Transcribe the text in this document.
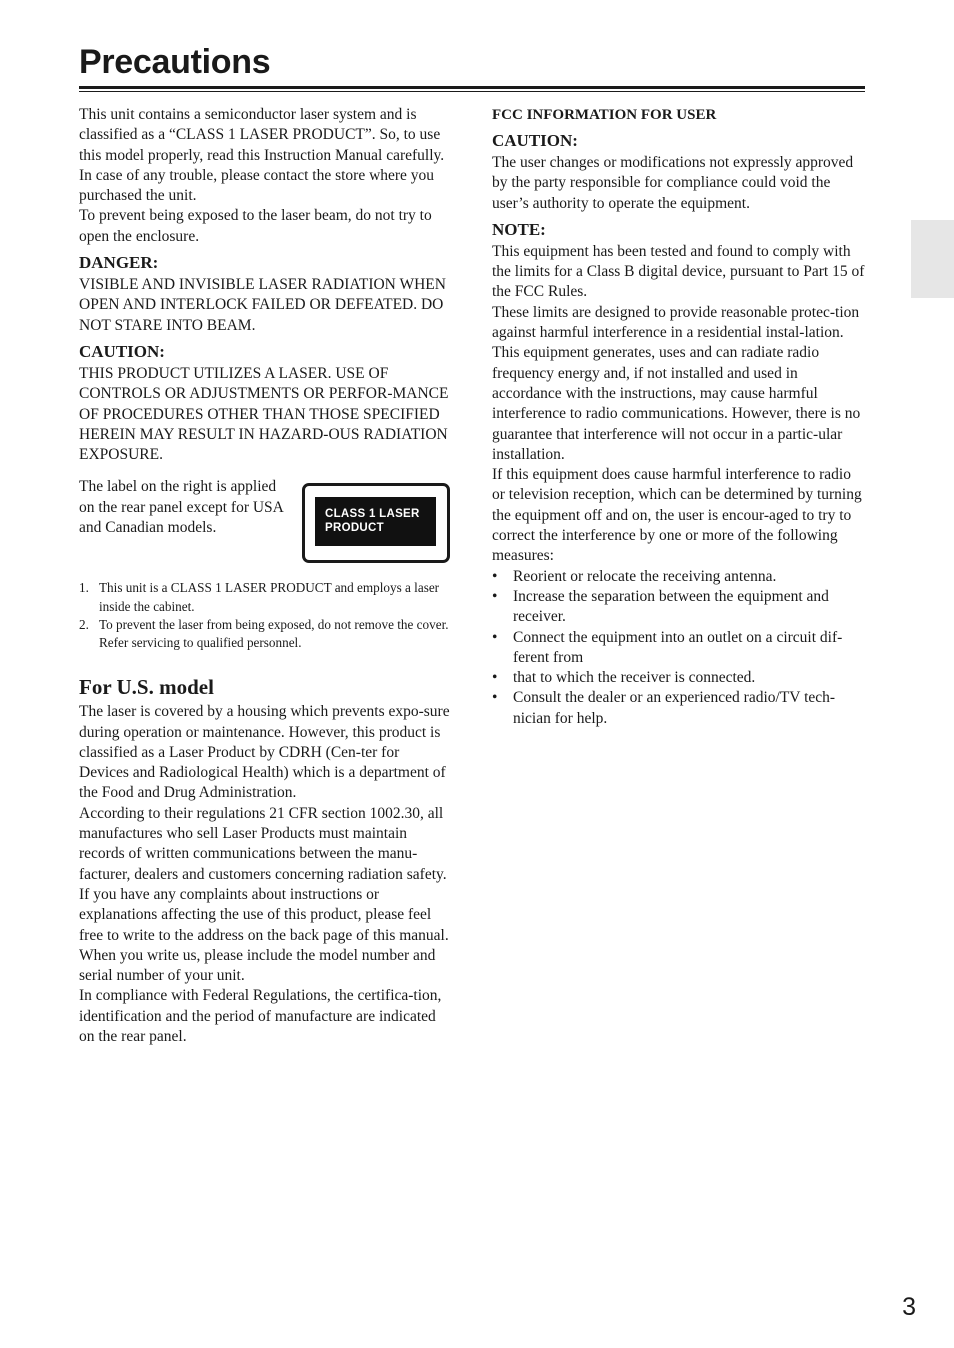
Precautions

This unit contains a semiconductor laser system and is classified as a “CLASS 1 LASER PRODUCT”. So, to use this model properly, read this Instruction Manual carefully. In case of any trouble, please contact the store where you purchased the unit.

To prevent being exposed to the laser beam, do not try to open the enclosure.

DANGER:

VISIBLE AND INVISIBLE LASER RADIATION WHEN OPEN AND INTERLOCK FAILED OR DEFEATED. DO NOT STARE INTO BEAM.

CAUTION:

THIS PRODUCT UTILIZES A LASER. USE OF CONTROLS OR ADJUSTMENTS OR PERFOR-MANCE OF PROCEDURES OTHER THAN THOSE SPECIFIED HEREIN MAY RESULT IN HAZARD-OUS RADIATION EXPOSURE.

The label on the right is applied on the rear panel except for USA and Canadian models.

CLASS 1 LASER
PRODUCT
1. This unit is a CLASS 1 LASER PRODUCT and employs a laser inside the cabinet.
2. To prevent the laser from being exposed, do not remove the cover. Refer servicing to qualified personnel.

For U.S. model

The laser is covered by a housing which prevents expo-sure during operation or maintenance. However, this product is classified as a Laser Product by CDRH (Cen-ter for Devices and Radiological Health) which is a department of the Food and Drug Administration.

According to their regulations 21 CFR section 1002.30, all manufactures who sell Laser Products must maintain records of written communications between the manu-facturer, dealers and customers concerning radiation safety. If you have any complaints about instructions or explanations affecting the use of this product, please feel free to write to the address on the back page of this manual. When you write us, please include the model number and serial number of your unit.

In compliance with Federal Regulations, the certifica-tion, identification and the period of manufacture are indicated on the rear panel.

FCC INFORMATION FOR USER

CAUTION:

The user changes or modifications not expressly approved by the party responsible for compliance could void the user’s authority to operate the equipment.

NOTE:

This equipment has been tested and found to comply with the limits for a Class B digital device, pursuant to Part 15 of the FCC Rules.

These limits are designed to provide reasonable protec-tion against harmful interference in a residential instal-lation. This equipment generates, uses and can radiate radio frequency energy and, if not installed and used in accordance with the instructions, may cause harmful interference to radio communications. However, there is no guarantee that interference will not occur in a partic-ular installation.

If this equipment does cause harmful interference to radio or television reception, which can be determined by turning the equipment off and on, the user is encour-aged to try to correct the interference by one or more of the following measures:

• Reorient or relocate the receiving antenna.
• Increase the separation between the equipment and receiver.
• Connect the equipment into an outlet on a circuit dif-ferent from
• that to which the receiver is connected.
• Consult the dealer or an experienced radio/TV tech-nician for help.
3
